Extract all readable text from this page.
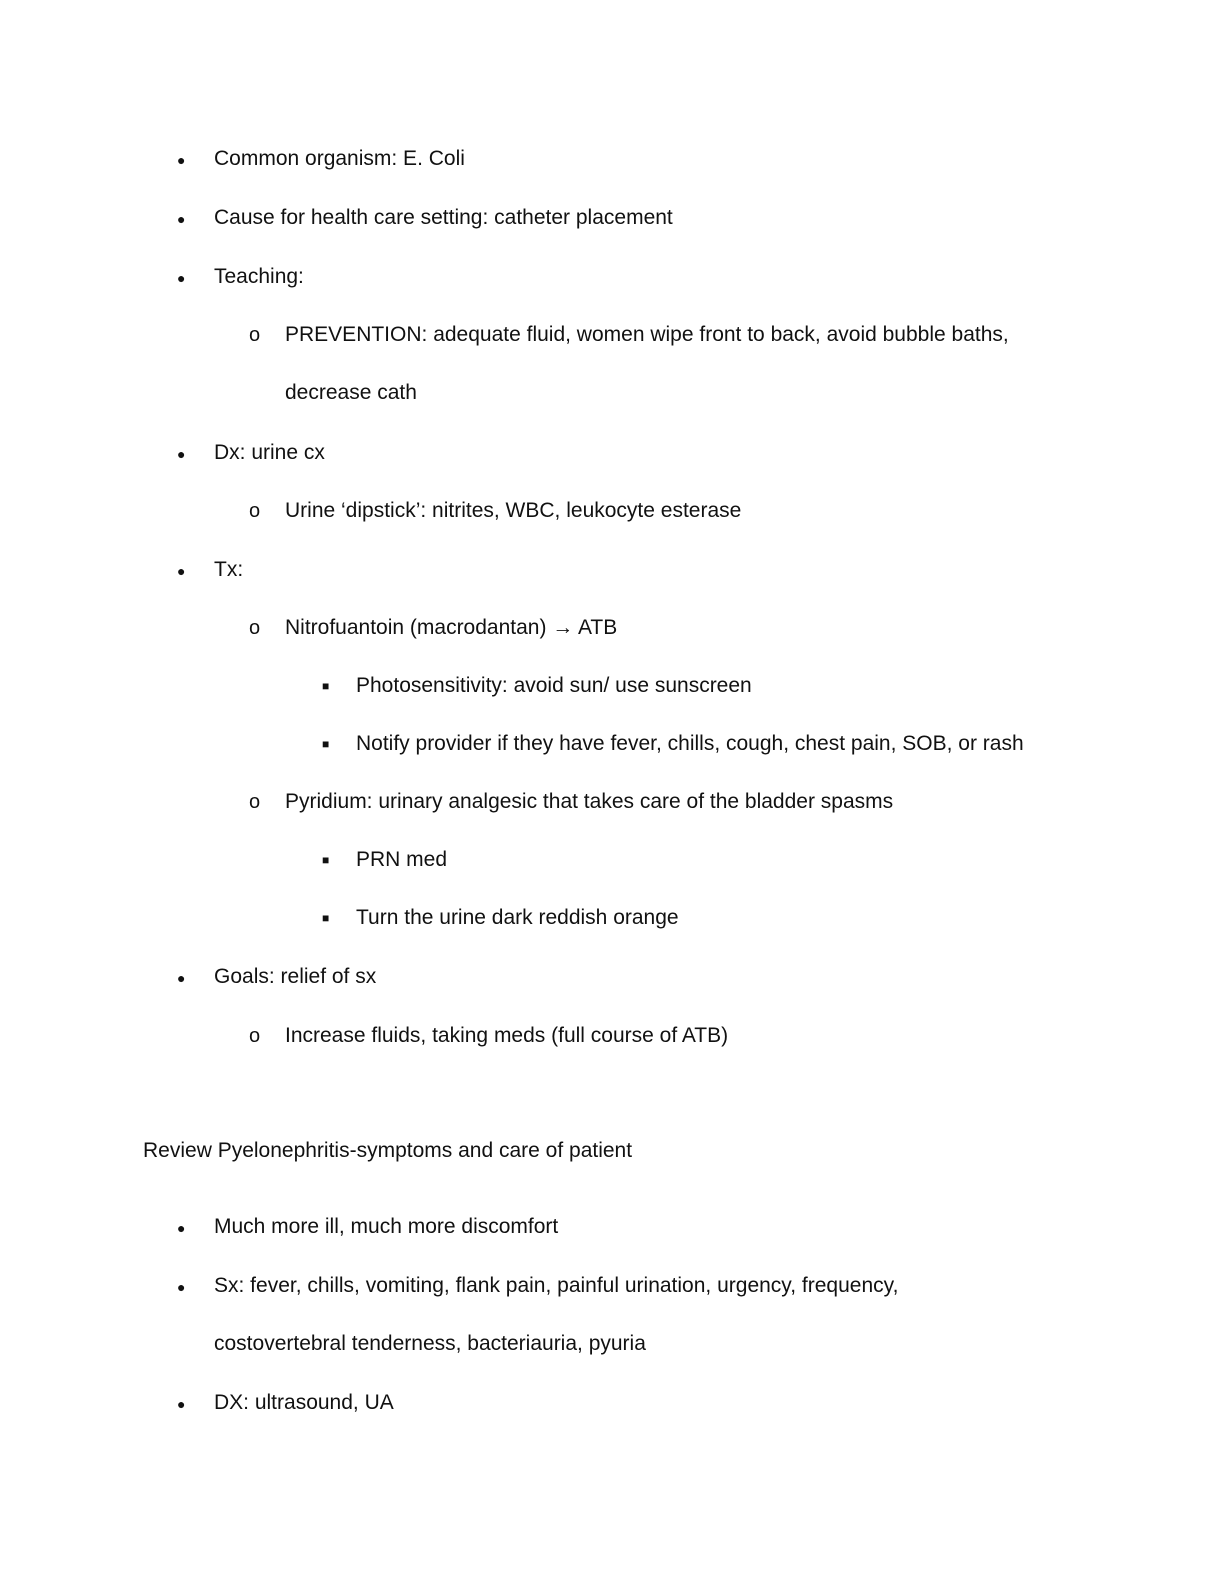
● Common organism: E. Coli
● Cause for health care setting: catheter placement
● Teaching:
o PREVENTION: adequate fluid, women wipe front to back, avoid bubble baths,
decrease cath
● Dx: urine cx
o Urine ‘dipstick’: nitrites, WBC, leukocyte esterase
● Tx:
o Nitrofuantoin (macrodantan) → ATB
■ Photosensitivity: avoid sun/ use sunscreen
■ Notify provider if they have fever, chills, cough, chest pain, SOB, or rash
o Pyridium: urinary analgesic that takes care of the bladder spasms
■ PRN med
■ Turn the urine dark reddish orange
● Goals: relief of sx
o Increase fluids, taking meds (full course of ATB)
Review Pyelonephritis-symptoms and care of patient
● Much more ill, much more discomfort
● Sx: fever, chills, vomiting, flank pain, painful urination, urgency, frequency,
costovertebral tenderness, bacteriauria, pyuria
● DX: ultrasound, UA
